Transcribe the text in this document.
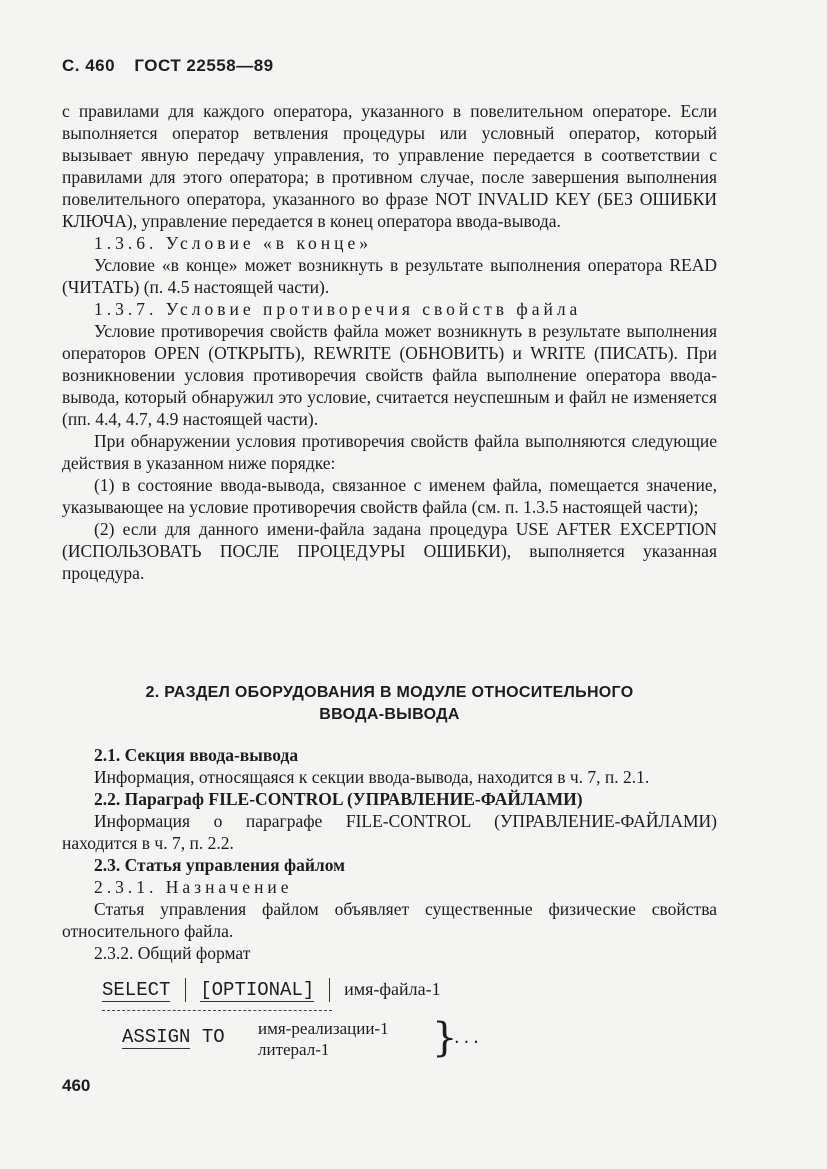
С. 460 ГОСТ 22558—89

с правилами для каждого оператора, указанного в повелительном операторе. Если выполняется оператор ветвления процедуры или условный оператор, который вызывает явную передачу управления, то управление передается в соответствии с правилами для этого оператора; в противном случае, после завершения выполнения повелительного оператора, указанного во фразе NOT INVALID KEY (БЕЗ ОШИБКИ КЛЮЧА), управление передается в конец оператора ввода-вывода.

1.3.6. Условие «в конце»

Условие «в конце» может возникнуть в результате выполнения оператора READ (ЧИТАТЬ) (п. 4.5 настоящей части).

1.3.7. Условие противоречия свойств файла

Условие противоречия свойств файла может возникнуть в результате выполнения операторов OPEN (ОТКРЫТЬ), REWRITE (ОБНОВИТЬ) и WRITE (ПИСАТЬ). При возникновении условия противоречия свойств файла выполнение оператора ввода-вывода, который обнаружил это условие, считается неуспешным и файл не изменяется (пп. 4.4, 4.7, 4.9 настоящей части).

При обнаружении условия противоречия свойств файла выполняются следующие действия в указанном ниже порядке:

(1) в состояние ввода-вывода, связанное с именем файла, помещается значение, указывающее на условие противоречия свойств файла (см. п. 1.3.5 настоящей части);

(2) если для данного имени-файла задана процедура USE AFTER EXCEPTION (ИСПОЛЬЗОВАТЬ ПОСЛЕ ПРОЦЕДУРЫ ОШИБКИ), выполняется указанная процедура.

2. РАЗДЕЛ ОБОРУДОВАНИЯ В МОДУЛЕ ОТНОСИТЕЛЬНОГО
ВВОДА-ВЫВОДА

2.1. Секция ввода-вывода

Информация, относящаяся к секции ввода-вывода, находится в ч. 7, п. 2.1.

2.2. Параграф FILE-CONTROL (УПРАВЛЕНИЕ-ФАЙЛАМИ)

Информация о параграфе FILE-CONTROL (УПРАВЛЕНИЕ-ФАЙЛАМИ) находится в ч. 7, п. 2.2.

2.3. Статья управления файлом

2.3.1. Назначение

Статья управления файлом объявляет существенные физические свойства относительного файла.

2.3.2. Общий формат

SELECT [OPTIONAL] имя-файла-1
ASSIGN TO имя-реализации-1
литерал-1	}
...
460
